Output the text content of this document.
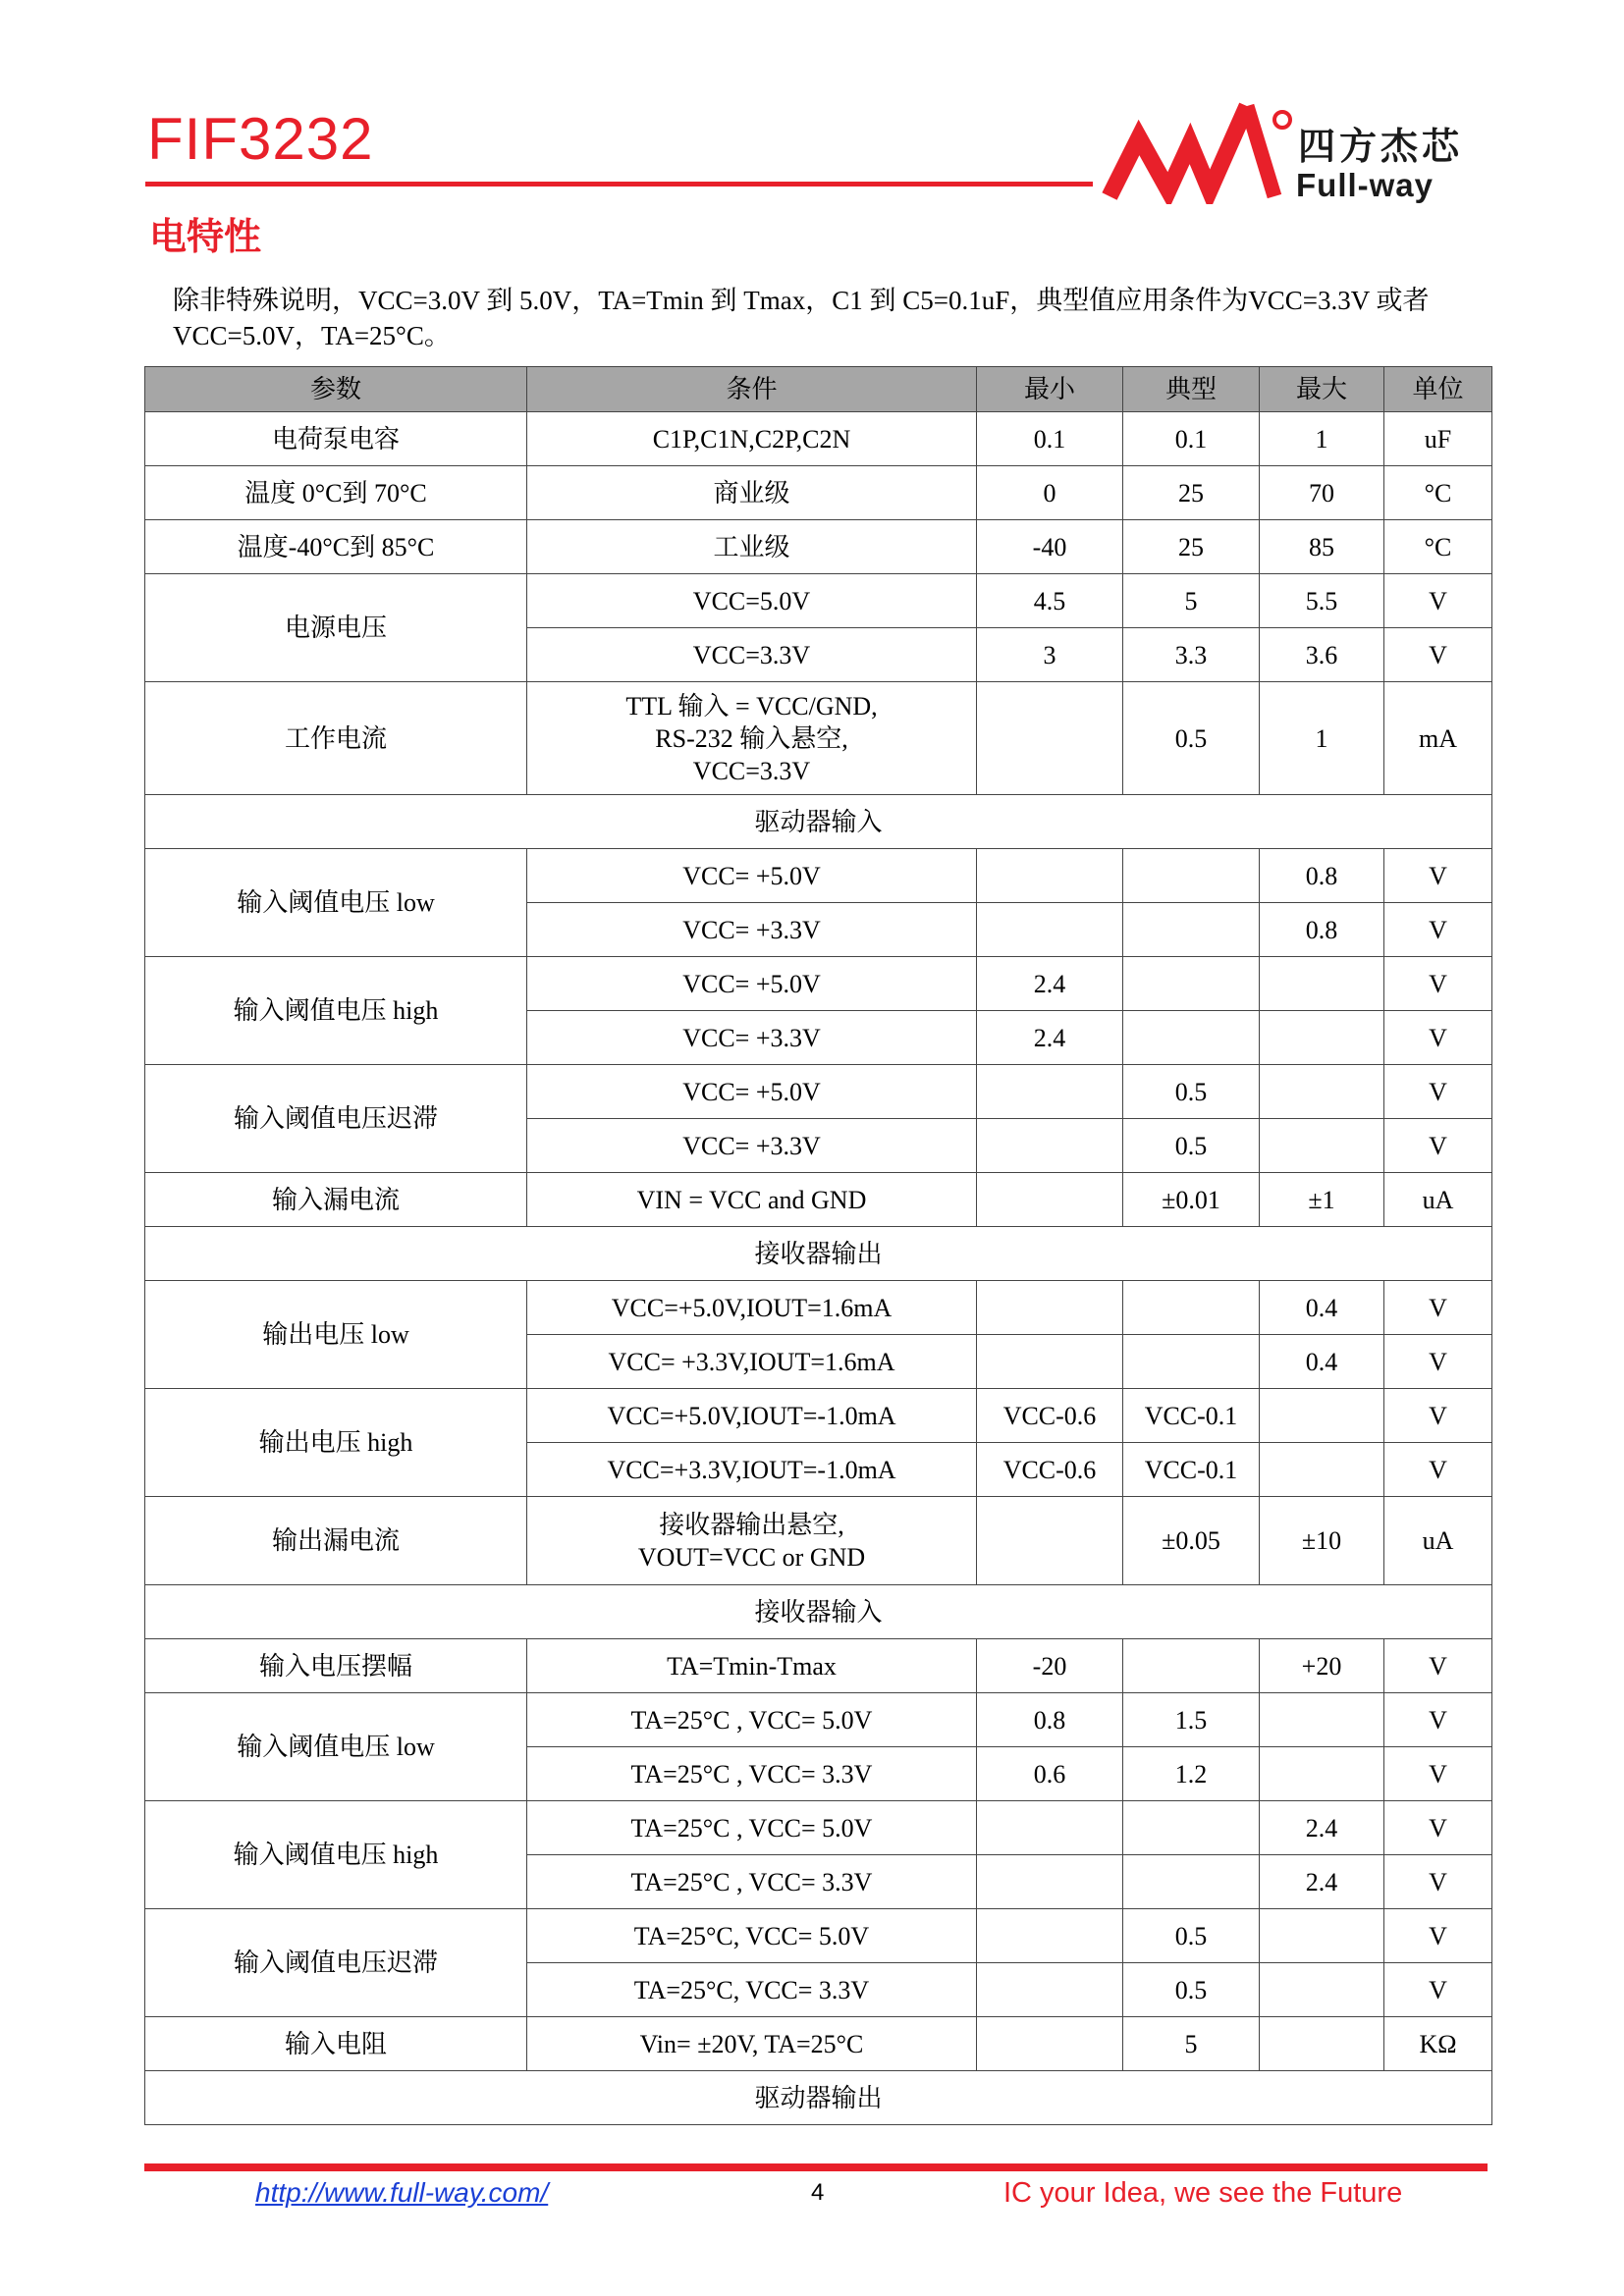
FIF3232	四方杰芯
Full-way
电特性
除非特殊说明，VCC=3.0V 到 5.0V，TA=Tmin 到 Tmax，C1 到 C5=0.1uF，典型值应用条件为VCC=3.3V 或者 VCC=5.0V，TA=25°C。
参数	条件	最小	典型	最大	单位
电荷泵电容	C1P,C1N,C2P,C2N	0.1	0.1	1	uF
温度 0°C到 70°C	商业级	0	25	70	°C
温度-40°C到 85°C	工业级	-40	25	85	°C
电源电压	VCC=5.0V	4.5	5	5.5	V
	VCC=3.3V	3	3.3	3.6	V
工作电流	TTL 输入 = VCC/GND,
RS-232 输入悬空,
VCC=3.3V		0.5	1	mA
驱动器输入					
输入阈值电压 low	VCC= +5.0V			0.8	V
	VCC= +3.3V			0.8	V
输入阈值电压 high	VCC= +5.0V	2.4			V
	VCC= +3.3V	2.4			V
输入阈值电压迟滞	VCC= +5.0V		0.5		V
	VCC= +3.3V		0.5		V
输入漏电流	VIN = VCC and GND		±0.01	±1	uA
接收器输出					
输出电压 low	VCC=+5.0V,IOUT=1.6mA			0.4	V
	VCC= +3.3V,IOUT=1.6mA			0.4	V
输出电压 high	VCC=+5.0V,IOUT=-1.0mA	VCC-0.6	VCC-0.1		V
	VCC=+3.3V,IOUT=-1.0mA	VCC-0.6	VCC-0.1		V
输出漏电流	接收器输出悬空,
VOUT=VCC or GND		±0.05	±10	uA
接收器输入					
输入电压摆幅	TA=Tmin-Tmax	-20		+20	V
输入阈值电压 low	TA=25°C , VCC= 5.0V	0.8	1.5		V
	TA=25°C , VCC= 3.3V	0.6	1.2		V
输入阈值电压 high	TA=25°C , VCC= 5.0V			2.4	V
	TA=25°C , VCC= 3.3V			2.4	V
输入阈值电压迟滞	TA=25°C, VCC= 5.0V		0.5		V
	TA=25°C, VCC= 3.3V		0.5		V
输入电阻	Vin= ±20V, TA=25°C		5		KΩ
驱动器输出					
http://www.full-way.com/	4	IC your Idea, we see the Future
